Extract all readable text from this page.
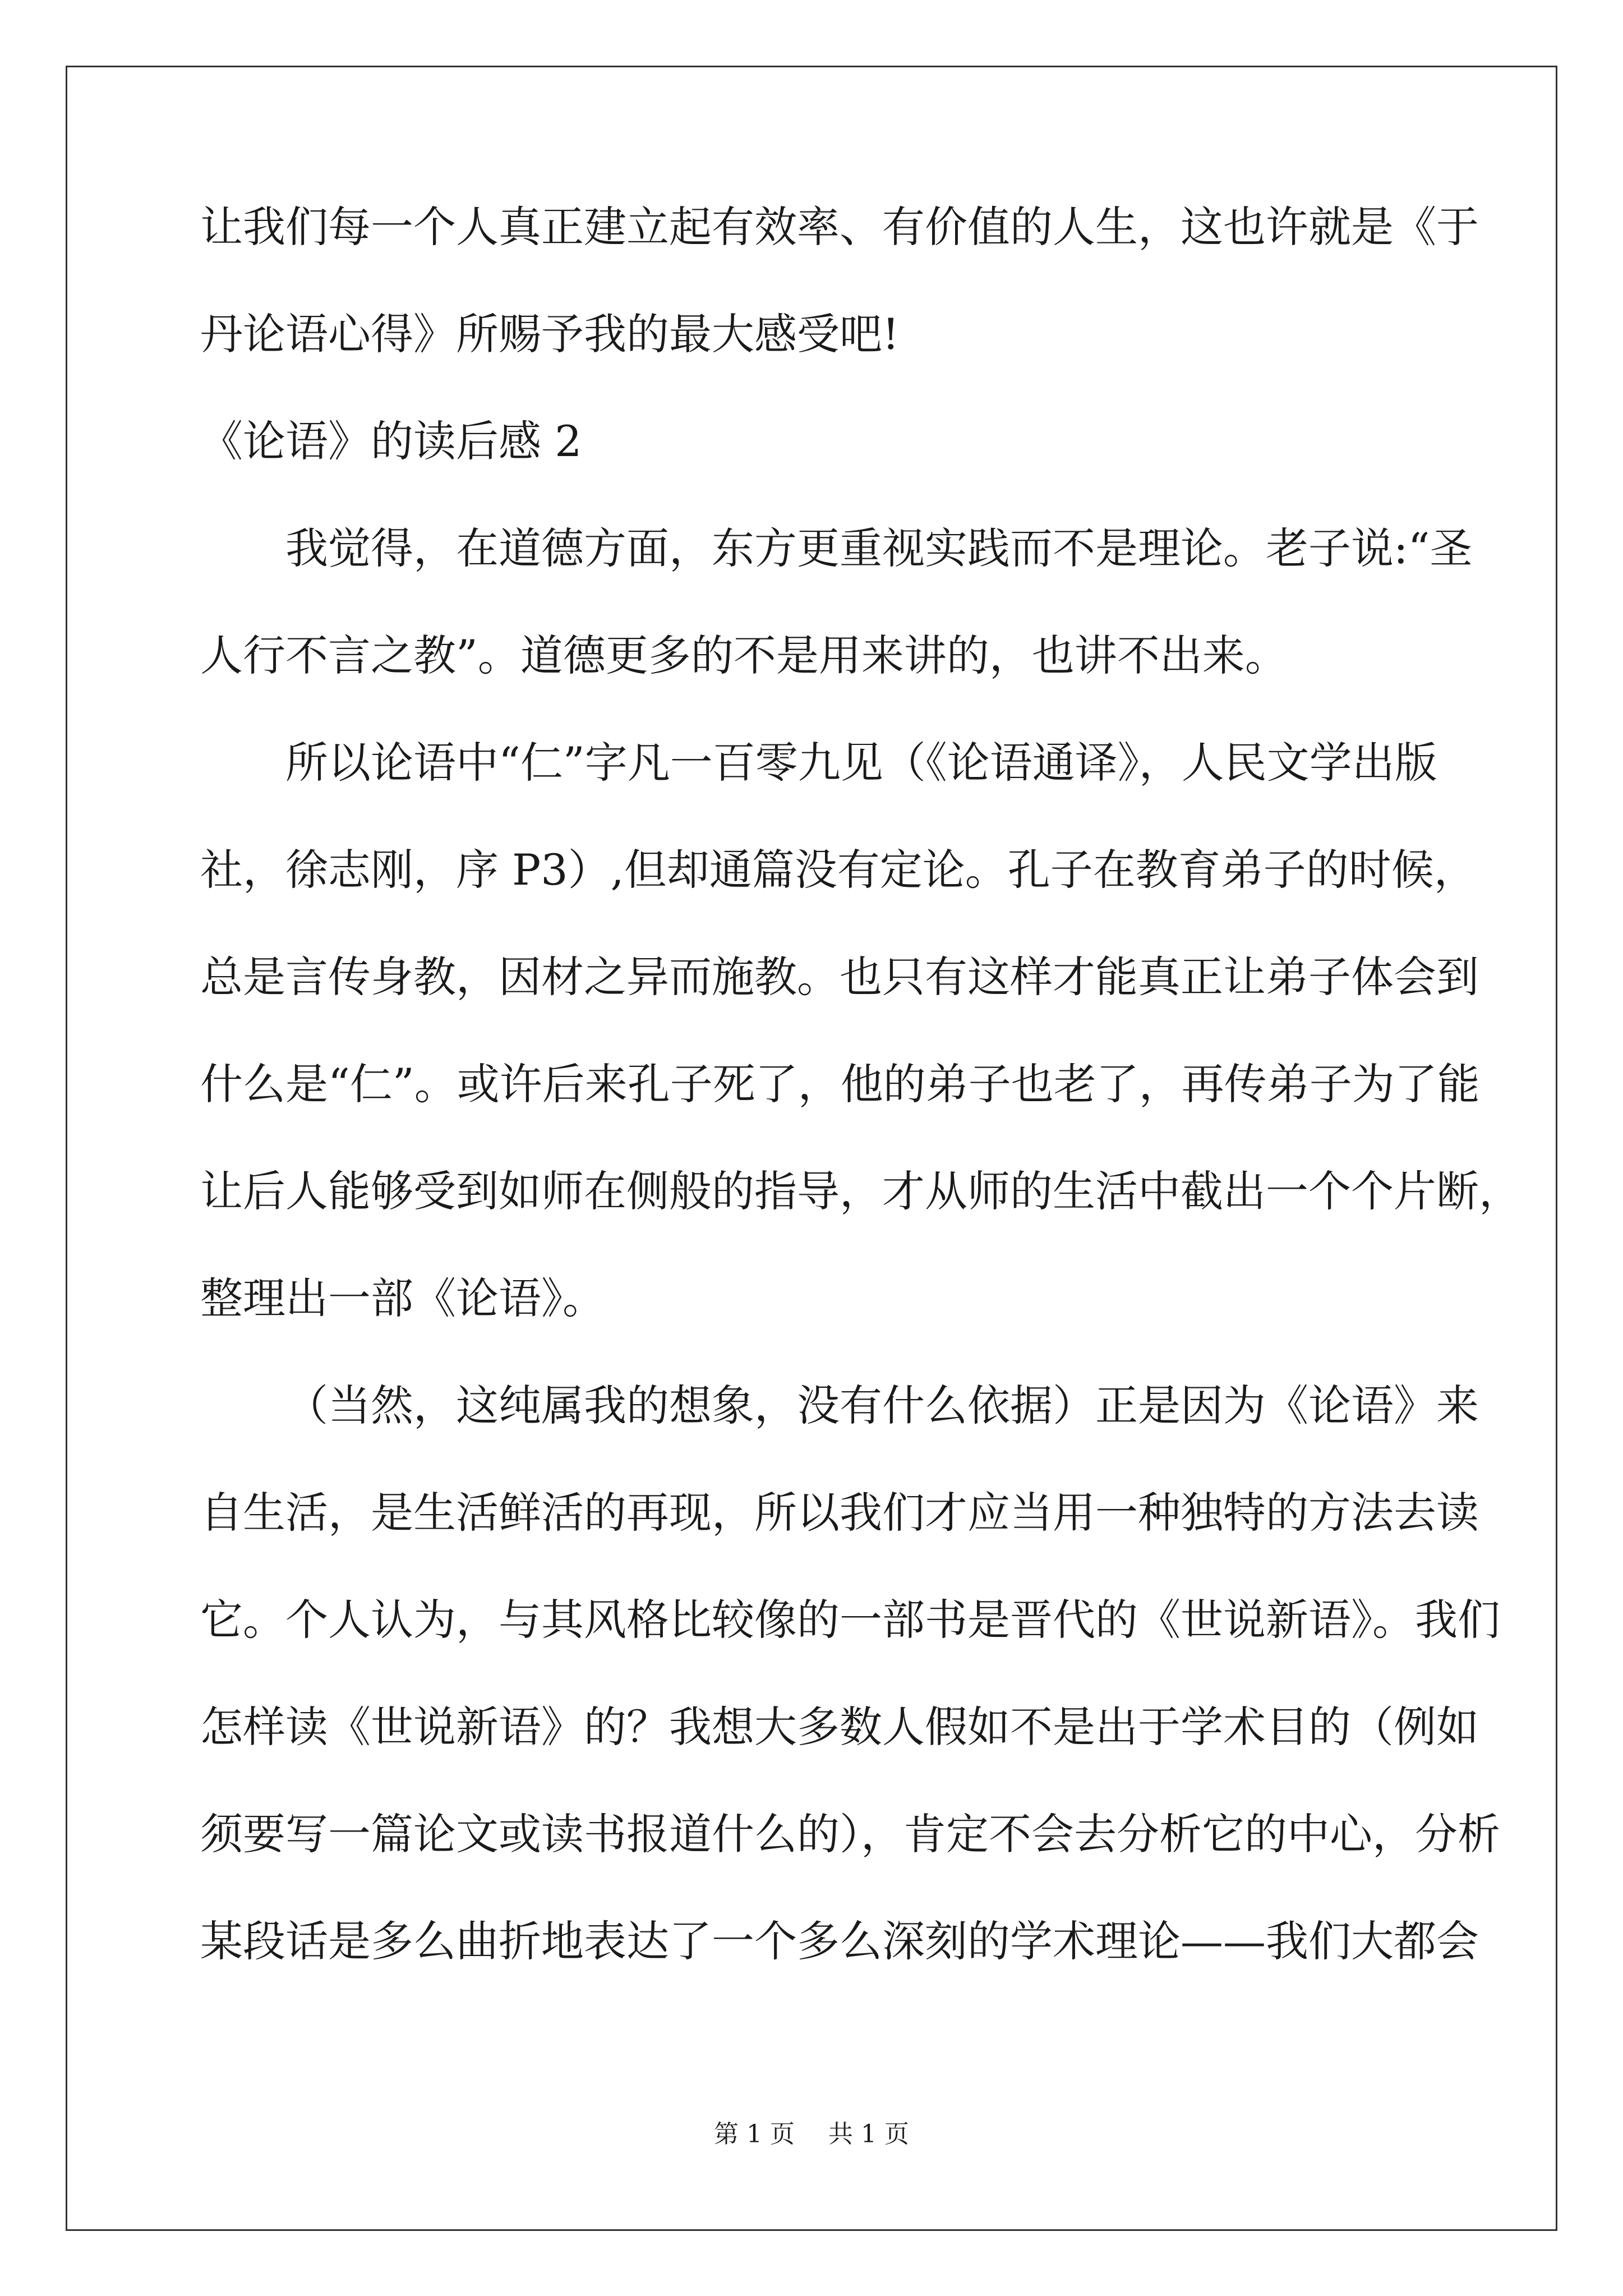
让我们每一个人真正建立起有效率、有价值的人生，这也许就是《于
丹论语心得》所赐予我的最大感受吧!
《论语》的读后感 2
我觉得，在道德方面，东方更重视实践而不是理论。老子说:“圣
人行不言之教”。道德更多的不是用来讲的，也讲不出来。
所以论语中“仁”字凡一百零九见（《论语通译》，人民文学出版
社，徐志刚，序 P3）,但却通篇没有定论。孔子在教育弟子的时候，
总是言传身教，因材之异而施教。也只有这样才能真正让弟子体会到
什么是“仁”。或许后来孔子死了，他的弟子也老了，再传弟子为了能
让后人能够受到如师在侧般的指导，才从师的生活中截出一个个片断，
整理出一部《论语》。
（当然，这纯属我的想象，没有什么依据）正是因为《论语》来
自生活，是生活鲜活的再现，所以我们才应当用一种独特的方法去读
它。个人认为，与其风格比较像的一部书是晋代的《世说新语》。我们
怎样读《世说新语》的？我想大多数人假如不是出于学术目的（例如
须要写一篇论文或读书报道什么的），肯定不会去分析它的中心，分析
某段话是多么曲折地表达了一个多么深刻的学术理论——我们大都会
第 1 页 共 1 页
